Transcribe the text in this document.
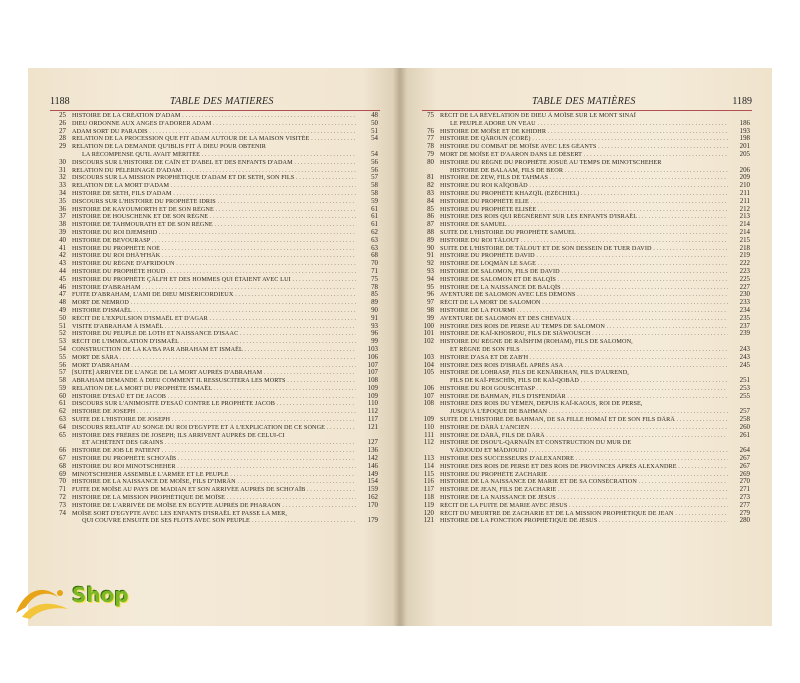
1188	TABLE DES MATIERES
25 HISTOIRE DE LA CRÉATION D'ADAM . . .	48
26 DIEU ORDONNE AUX ANGES D'ADORER ADAM . . .	50
27 ADAM SORT DU PARADIS . . .	51
28 RELATION DE LA PROCESSION QUE FIT ADAM AUTOUR DE LA MAISON VISITÉE . . .	54
29 RELATION DE LA DEMANDE QU'IBLIS FIT À DIEU POUR OBTENIR
LA RÉCOMPENSE QU'IL AVAIT MÉRITÉE . . .	54
30 DISCOURS SUR L'HISTOIRE DE CAÏN ET D'ABEL ET DES ENFANTS D'ADAM . . .	56
31 RELATION DU PÈLERINAGE D'ADAM . . .	56
32 DISCOURS SUR LA MISSION PROPHÉTIQUE D'ADAM ET DE SETH, SON FILS . . .	57
33 RELATION DE LA MORT D'ADAM . . .	58
34 HISTOIRE DE SETH, FILS D'ADAM . . .	58
35 DISCOURS SUR L'HISTOIRE DU PROPHÈTE IDRIS . . .	59
36 HISTOIRE DE KAYOUMORTH ET DE SON RÈGNE . . .	61
37 HISTOIRE DE HOUSCHENK ET DE SON RÈGNE . . .	61
38 HISTOIRE DE TAHMOURATH ET DE SON RÈGNE . . .	61
39 HISTOIRE DU ROI DJEMSHID . . .	62
40 HISTOIRE DE BEVOURASP . . .	63
41 HISTOIRE DU PROPHÈTE NOÉ . . .	63
42 HISTOIRE DU ROI DHÂ'H'HÂK . . .	68
43 HISTOIRE DU RÈGNE D'AFRIDOUN . . .	70
44 HISTOIRE DU PROPHÈTE HOUD . . .	71
45 HISTOIRE DU PROPHÈTE ÇÂLI'H ET DES HOMMES QUI ÉTAIENT AVEC LUI . . .	75
46 HISTOIRE D'ABRAHAM . . .	78
47 FUITE D'ABRAHAM, L'AMI DE DIEU MISÉRICORDIEUX . . .	85
48 MORT DE NEMROD . . .	89
49 HISTOIRE D'ISMAËL . . .	90
50 RÉCIT DE L'EXPULSION D'ISMAËL ET D'AGAR . . .	91
51 VISITE D'ABRAHAM À ISMAËL . . .	93
52 HISTOIRE DU PEUPLE DE LOTH ET NAISSANCE D'ISAAC . . .	96
53 RÉCIT DE L'IMMOLATION D'ISMAËL . . .	99
54 CONSTRUCTION DE LA KA'BA PAR ABRAHAM ET ISMAËL . . .	103
55 MORT DE SÂRA . . .	106
56 MORT D'ABRAHAM . . .	107
57 [SUITE] ARRIVÉE DE L'ANGE DE LA MORT AUPRÈS D'ABRAHAM . . .	107
58 ABRAHAM DEMANDE À DIEU COMMENT IL RESSUSCITERA LES MORTS . . .	108
59 RELATION DE LA MORT DU PROPHÈTE ISMAËL . . .	109
60 HISTOIRE D'ESAÜ ET DE JACOB . . .	109
61 DISCOURS SUR L'ANIMOSITÉ D'ESAÜ CONTRE LE PROPHÈTE JACOB . . .	110
62 HISTOIRE DE JOSEPH . . .	112
63 SUITE DE L'HISTOIRE DE JOSEPH . . .	117
64 DISCOURS RELATIF AU SONGE DU ROI D'EGYPTE ET À L'EXPLICATION DE CE SONGE . . .	121
65 HISTOIRE DES FRÈRES DE JOSEPH; ILS ARRIVENT AUPRÈS DE CELUI-CI
ET ACHÈTENT DES GRAINS . . .	127
66 HISTOIRE DE JOB LE PATIENT . . .	136
67 HISTOIRE DU PROPHÈTE SCHO'AÏB . . .	142
68 HISTOIRE DU ROI MINOTSCHEHER . . .	146
69 MINOTSCHEHER ASSEMBLE L'ARMÉE ET LE PEUPLE . . .	149
70 HISTOIRE DE LA NAISSANCE DE MOÏSE, FILS D''IMRÂN . . .	154
71 FUITE DE MOÏSE AU PAYS DE MADIAN ET SON ARRIVÉE AUPRÈS DE SCHO'AÏB . . .	159
72 HISTOIRE DE LA MISSION PROPHÉTIQUE DE MOÏSE . . .	162
73 HISTOIRE DE L'ARRIVÉE DE MOÏSE EN EGYPTE AUPRÈS DE PHARAON . . .	170
74 MOÏSE SORT D'EGYPTE AVEC LES ENFANTS D'ISRAËL ET PASSE LA MER,
QUI COUVRE ENSUITE DE SES FLOTS AVEC SON PEUPLE . . .	179
TABLE DES MATIÈRES	1189
75 RÉCIT DE LA RÉVÉLATION DE DIEU À MOÏSE SUR LE MONT SINAÏ
LE PEUPLE ADORE UN VEAU . . .	186
76 HISTOIRE DE MOÏSE ET DE KHIDHR . . .	193
77 HISTOIRE DE QÂROUN (CORÉ) . . .	198
78 HISTOIRE DU COMBAT DE MOÏSE AVEC LES GÉANTS . . .	201
79 MORT DE MOÏSE ET D'AARON DANS LE DÉSERT . . .	205
80 HISTOIRE DU RÈGNE DU PROPHÈTE JOSUÉ AU TEMPS DE MINOTSCHEHER
HISTOIRE DE BALAAM, FILS DE BEOR . . .	206
81 HISTOIRE DE ZEW, FILS DE TAHMAS . . .	209
82 HISTOIRE DU ROI KAÏQOBÂD . . .	210
83 HISTOIRE DU PROPHÈTE KHAZQÎL (EZÉCHIEL) . . .	211
84 HISTOIRE DU PROPHÈTE ELIE . . .	211
85 HISTOIRE DU PROPHÈTE ELISÉE . . .	212
86 HISTOIRE DES ROIS QUI RÉGNÈRENT SUR LES ENFANTS D'ISRAËL . . .	213
87 HISTOIRE DE SAMUEL . . .	214
88 SUITE DE L'HISTOIRE DU PROPHÈTE SAMUEL . . .	214
89 HISTOIRE DU ROI TÂLOUT . . .	215
90 SUITE DE L'HISTOIRE DE TÂLOUT ET DE SON DESSEIN DE TUER DAVID . . .	218
91 HISTOIRE DU PROPHÈTE DAVID . . .	219
92 HISTOIRE DE LOQMÂN LE SAGE . . .	222
93 HISTOIRE DE SALOMON, FILS DE DAVID . . .	223
94 HISTOIRE DE SALOMON ET DE BALQÎS . . .	225
95 HISTOIRE DE LA NAISSANCE DE BALQÎS . . .	227
96 AVENTURE DE SALOMON AVEC LES DÉMONS . . .	230
97 RÉCIT DE LA MORT DE SALOMON . . .	233
98 HISTOIRE DE LA FOURMI . . .	234
99 AVENTURE DE SALOMON ET DES CHEVAUX . . .	235
100 HISTOIRE DES ROIS DE PERSE AU TEMPS DE SALOMON . . .	237
101 HISTOIRE DE KAÏ-KHOSROU, FILS DE SIÂWOUSCH . . .	239
102 HISTOIRE DU RÈGNE DE RAÏSH'IM (ROHAM), FILS DE SALOMON,
ET RÈGNE DE SON FILS . . .	243
103 HISTOIRE D'ASA ET DE ZAB'H . . .	243
104 HISTOIRE DES ROIS D'ISRAËL APRÈS ASA . . .	245
105 HISTOIRE DE LOHRASP, FILS DE KENÂRKHAN, FILS D'AUREND,
FILS DE KAÏ-PESCHÎN, FILS DE KAÏ-QOBÂD . . .	251
106 HISTOIRE DU ROI GOUSCHTASP . . .	253
107 HISTOIRE DE BAHMAN, FILS D'ISFENDIÂR . . .	255
108 HISTOIRE DES ROIS DU YÉMEN, DEPUIS KAÏ-KAOUS, ROI DE PERSE,
JUSQU'À L'ÉPOQUE DE BAHMAN . . .	257
109 SUITE DE L'HISTOIRE DE BAHMAN, DE SA FILLE HOMAÏ ET DE SON FILS DÂRÂ . . .	258
110 HISTOIRE DE DÂRÂ L'ANCIEN . . .	260
111 HISTOIRE DE DÂRÂ, FILS DE DÂRÂ . . .	261
112 HISTOIRE DE DSOU'L-QARNAÏN ET CONSTRUCTION DU MUR DE
YÂDJOUDJ ET MÂDJOUDJ . . .	264
113 HISTOIRE DES SUCCESSEURS D'ALEXANDRE . . .	267
114 HISTOIRE DES ROIS DE PERSE ET DES ROIS DE PROVINCES APRÈS ALEXANDRE . . .	267
115 HISTOIRE DU PROPHÈTE ZACHARIE . . .	269
116 HISTOIRE DE LA NAISSANCE DE MARIE ET DE SA CONSÉCRATION . . .	270
117 HISTOIRE DE JEAN, FILS DE ZACHARIE . . .	271
118 HISTOIRE DE LA NAISSANCE DE JÉSUS . . .	273
119 RÉCIT DE LA FUITE DE MARIE AVEC JÉSUS . . .	277
120 RÉCIT DU MEURTRE DE ZACHARIE ET DE LA MISSION PROPHÉTIQUE DE JEAN . . .	279
121 HISTOIRE DE LA FONCTION PROPHÉTIQUE DE JÉSUS . . .	280
Shop
